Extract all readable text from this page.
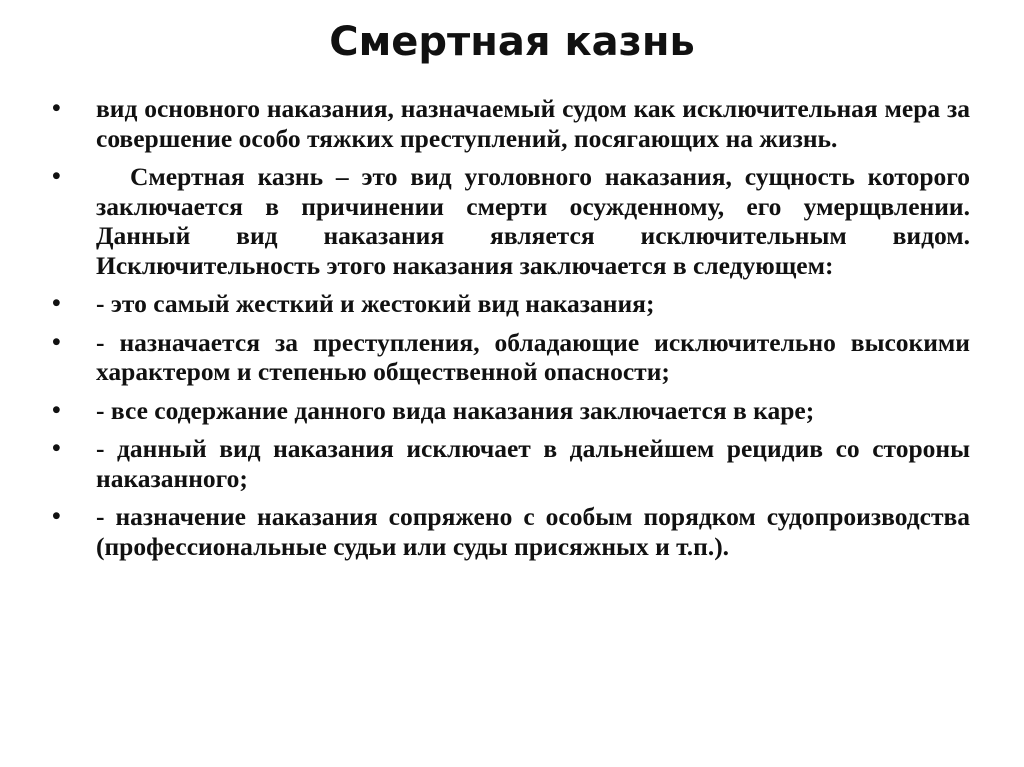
Смертная казнь
•	вид основного наказания, назначаемый судом как исключительная мера за совершение особо тяжких преступлений, посягающих на жизнь.
•	Смертная казнь – это вид уголовного наказания, сущность которого заключается в причинении смерти осужденному, его умерщвлении. Данный вид наказания является исключительным видом. Исключительность этого наказания заключается в следующем:
•	- это самый жесткий и жестокий вид наказания;
•	- назначается за преступления, обладающие исключительно высокими характером и степенью общественной опасности;
•	- все содержание данного вида наказания заключается в каре;
•	- данный вид наказания исключает в дальнейшем рецидив со стороны наказанного;
•	- назначение наказания сопряжено с особым порядком судопроизводства (профессиональные судьи или суды присяжных и т.п.).
